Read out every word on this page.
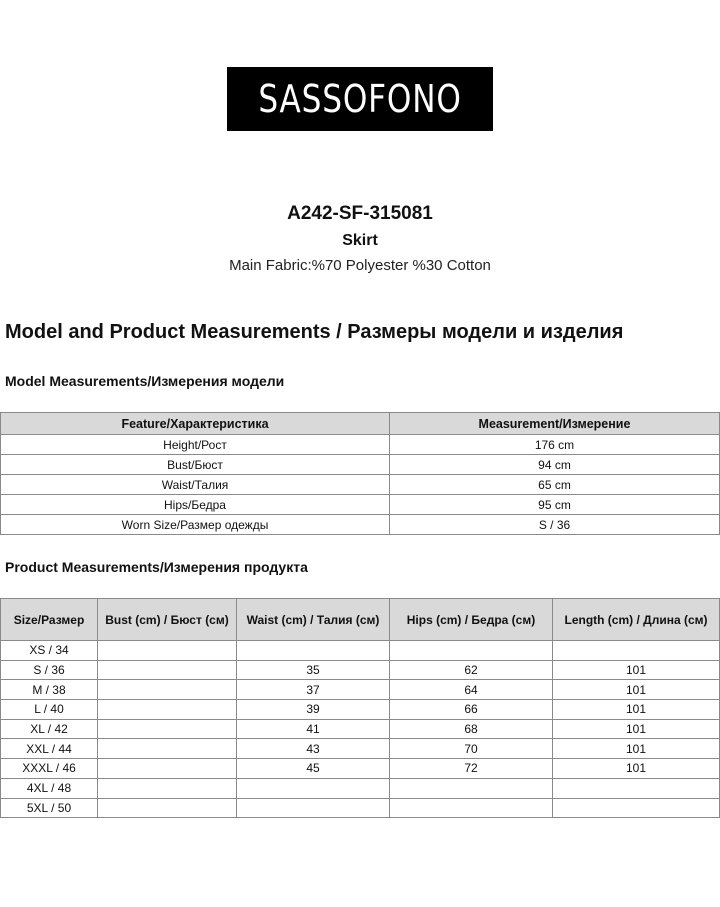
SASSOFONO
A242-SF-315081
Skirt
Main Fabric:%70 Polyester %30 Cotton
Model and Product Measurements / Размеры модели и изделия
Model Measurements/Измерения модели
Feature/Характеристика	Measurement/Измерение
Height/Рост	176 cm
Bust/Бюст	94 cm
Waist/Талия	65 cm
Hips/Бедра	95 cm
Worn Size/Размер одежды	S / 36
Product Measurements/Измерения продукта
Size/Размер	Bust (cm) / Бюст (см)	Waist (cm) / Талия (см)	Hips (cm) / Бедра (см)	Length (cm) / Длина (см)
XS / 34				
S / 36		35	62	101
M / 38		37	64	101
L / 40		39	66	101
XL / 42		41	68	101
XXL / 44		43	70	101
XXXL / 46		45	72	101
4XL / 48				
5XL / 50				
